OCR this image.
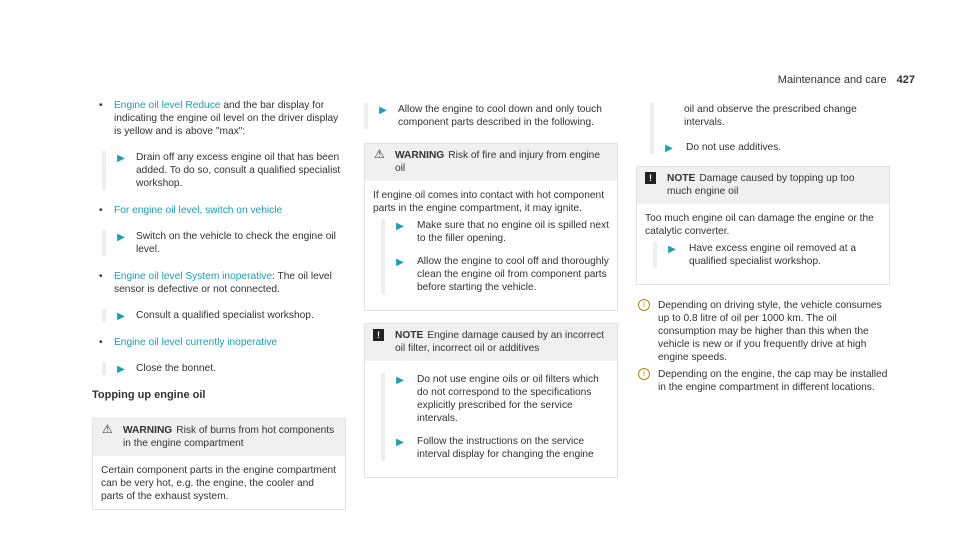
Maintenance and care 427
• Engine oil level Reduce and the bar display for indicating the engine oil level on the driver display is yellow and is above "max":
▶ Drain off any excess engine oil that has been added. To do so, consult a qualified specialist workshop.
• For engine oil level, switch on vehicle
▶ Switch on the vehicle to check the engine oil level.
• Engine oil level System inoperative: The oil level sensor is defective or not connected.
▶ Consult a qualified specialist workshop.
• Engine oil level currently inoperative
▶ Close the bonnet.
Topping up engine oil
⚠ WARNING Risk of burns from hot components in the engine compartment
Certain component parts in the engine compartment can be very hot, e.g. the engine, the cooler and parts of the exhaust system.
▶ Allow the engine to cool down and only touch component parts described in the following.
⚠ WARNING Risk of fire and injury from engine oil
If engine oil comes into contact with hot component parts in the engine compartment, it may ignite.
▶ Make sure that no engine oil is spilled next to the filler opening.
▶ Allow the engine to cool off and thoroughly clean the engine oil from component parts before starting the vehicle.
!	NOTE Engine damage caused by an incorrect oil filter, incorrect oil or additives
▶ Do not use engine oils or oil filters which do not correspond to the specifications explicitly prescribed for the service intervals.
▶ Follow the instructions on the service interval display for changing the engine
oil and observe the prescribed change intervals.
▶ Do not use additives.
!	NOTE Damage caused by topping up too much engine oil
Too much engine oil can damage the engine or the catalytic converter.
▶ Have excess engine oil removed at a qualified specialist workshop.
i	Depending on driving style, the vehicle consumes up to 0.8 litre of oil per 1000 km. The oil consumption may be higher than this when the vehicle is new or if you frequently drive at high engine speeds.
i	Depending on the engine, the cap may be installed in the engine compartment in different locations.
